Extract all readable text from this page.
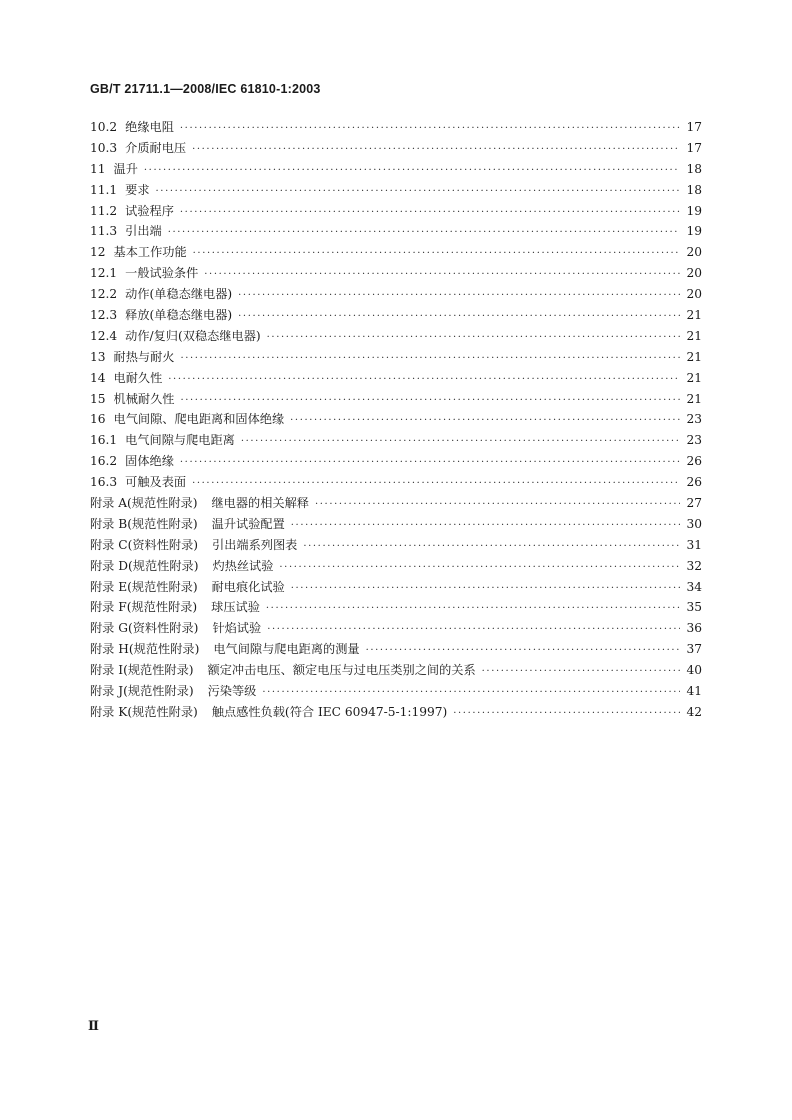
GB/T 21711.1—2008/IEC 61810-1:2003
10.2 绝缘电阻 ·····	17
10.3 介质耐电压 ·····	17
11 温升 ·····	18
11.1 要求 ·····	18
11.2 试验程序 ·····	19
11.3 引出端 ·····	19
12 基本工作功能 ·····	20
12.1 一般试验条件 ·····	20
12.2 动作(单稳态继电器) ·····	20
12.3 释放(单稳态继电器) ·····	21
12.4 动作/复归(双稳态继电器) ·····	21
13 耐热与耐火 ·····	21
14 电耐久性 ·····	21
15 机械耐久性 ·····	21
16 电气间隙、爬电距离和固体绝缘 ·····	23
16.1 电气间隙与爬电距离 ·····	23
16.2 固体绝缘 ·····	26
16.3 可触及表面 ·····	26
附录 A(规范性附录) 继电器的相关解释 ·····	27
附录 B(规范性附录) 温升试验配置 ·····	30
附录 C(资料性附录) 引出端系列图表 ·····	31
附录 D(规范性附录) 灼热丝试验 ·····	32
附录 E(规范性附录) 耐电痕化试验 ·····	34
附录 F(规范性附录) 球压试验 ·····	35
附录 G(资料性附录) 针焰试验 ·····	36
附录 H(规范性附录) 电气间隙与爬电距离的测量 ·····	37
附录 I(规范性附录) 额定冲击电压、额定电压与过电压类别之间的关系 ·····	40
附录 J(规范性附录) 污染等级 ·····	41
附录 K(规范性附录) 触点感性负载(符合 IEC 60947-5-1:1997) ·····	42
Ⅱ
